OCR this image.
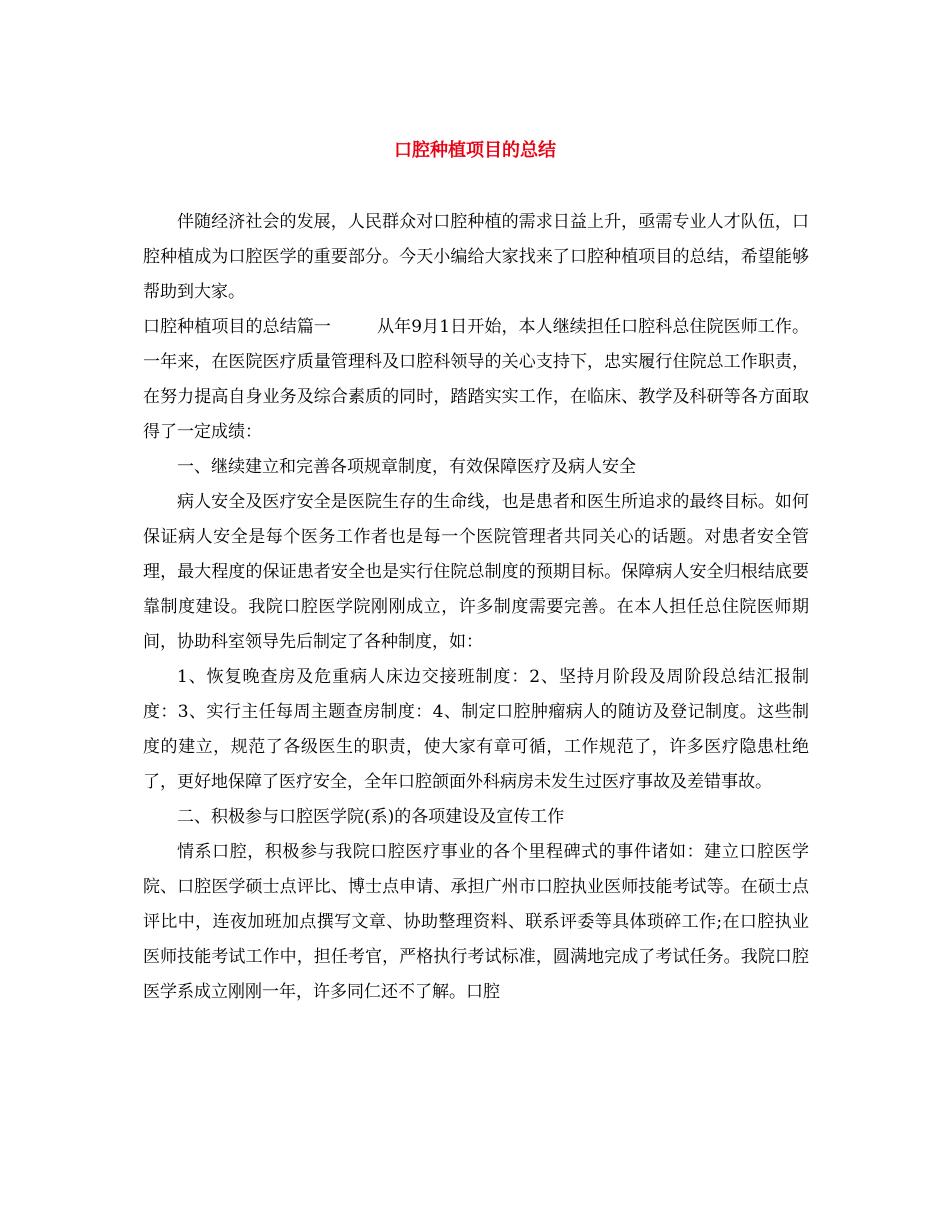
口腔种植项目的总结

伴随经济社会的发展，人民群众对口腔种植的需求日益上升，亟需专业人才队伍，口腔种植成为口腔医学的重要部分。今天小编给大家找来了口腔种植项目的总结，希望能够帮助到大家。

口腔种植项目的总结篇一	从年9月1日开始，本人继续担任口腔科总住院医师工作。一年来，在医院医疗质量管理科及口腔科领导的关心支持下，忠实履行住院总工作职责，在努力提高自身业务及综合素质的同时，踏踏实实工作，在临床、教学及科研等各方面取得了一定成绩：

一、继续建立和完善各项规章制度，有效保障医疗及病人安全

病人安全及医疗安全是医院生存的生命线，也是患者和医生所追求的最终目标。如何保证病人安全是每个医务工作者也是每一个医院管理者共同关心的话题。对患者安全管理，最大程度的保证患者安全也是实行住院总制度的预期目标。保障病人安全归根结底要靠制度建设。我院口腔医学院刚刚成立，许多制度需要完善。在本人担任总住院医师期间，协助科室领导先后制定了各种制度，如：

1、恢复晚查房及危重病人床边交接班制度：2、坚持月阶段及周阶段总结汇报制度：3、实行主任每周主题查房制度：4、制定口腔肿瘤病人的随访及登记制度。这些制度的建立，规范了各级医生的职责，使大家有章可循，工作规范了，许多医疗隐患杜绝了，更好地保障了医疗安全，全年口腔颌面外科病房未发生过医疗事故及差错事故。

二、积极参与口腔医学院(系)的各项建设及宣传工作

情系口腔，积极参与我院口腔医疗事业的各个里程碑式的事件诸如：建立口腔医学院、口腔医学硕士点评比、博士点申请、承担广州市口腔执业医师技能考试等。在硕士点评比中，连夜加班加点撰写文章、协助整理资料、联系评委等具体琐碎工作;在口腔执业医师技能考试工作中，担任考官，严格执行考试标准，圆满地完成了考试任务。我院口腔医学系成立刚刚一年，许多同仁还不了解。口腔
